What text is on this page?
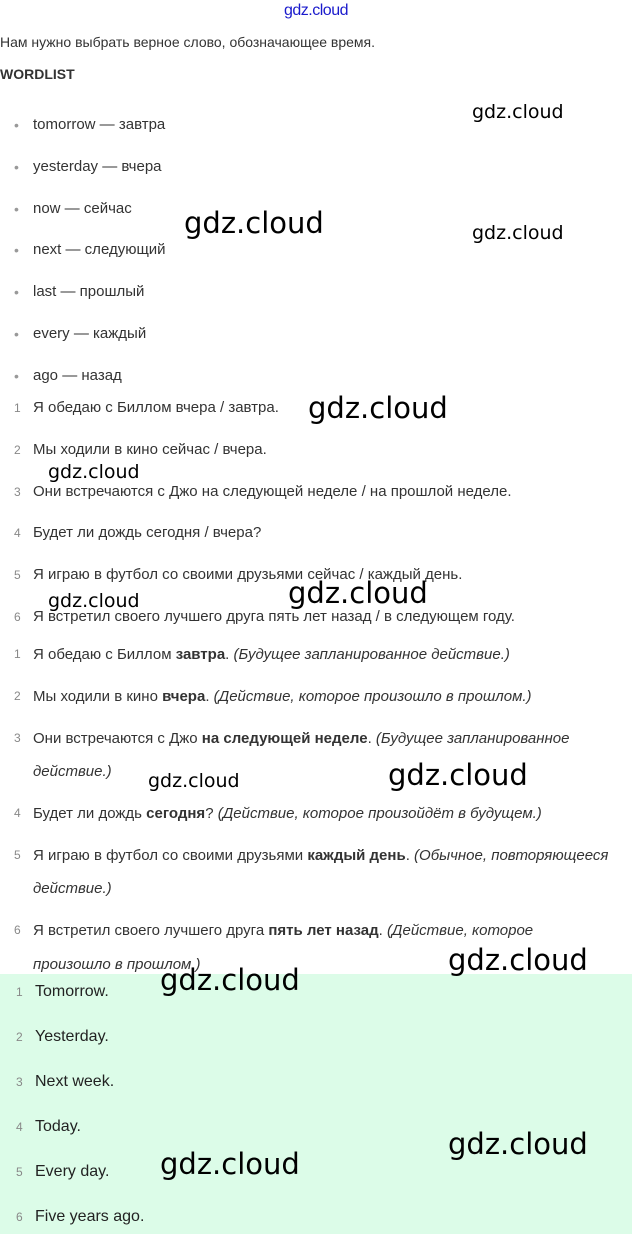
gdz.cloud
Нам нужно выбрать верное слово, обозначающее время.
WORDLIST
• tomorrow — завтра
• yesterday — вчера
• now — сейчас
• next — следующий
• last — прошлый
• every — каждый
• ago — назад
1 Я обедаю с Биллом вчера / завтра.
2 Мы ходили в кино сейчас / вчера.
3 Они встречаются с Джо на следующей неделе / на прошлой неделе.
4 Будет ли дождь сегодня / вчера?
5 Я играю в футбол со своими друзьями сейчас / каждый день.
6 Я встретил своего лучшего друга пять лет назад / в следующем году.
1 Я обедаю с Биллом завтра. (Будущее запланированное действие.)
2 Мы ходили в кино вчера. (Действие, которое произошло в прошлом.)
3 Они встречаются с Джо на следующей неделе. (Будущее запланированное действие.)
4 Будет ли дождь сегодня? (Действие, которое произойдёт в будущем.)
5 Я играю в футбол со своими друзьями каждый день. (Обычное, повторяющееся действие.)
6 Я встретил своего лучшего друга пять лет назад. (Действие, которое произошло в прошлом.)
1 Tomorrow.
2 Yesterday.
3 Next week.
4 Today.
5 Every day.
6 Five years ago.
gdz.cloud
gdz.cloud	gdz.cloud
gdz.cloud
gdz.cloud
gdz.cloud
gdz.cloud
gdz.cloud	gdz.cloud
gdz.cloud
gdz.cloud
gdz.cloud
gdz.cloud
